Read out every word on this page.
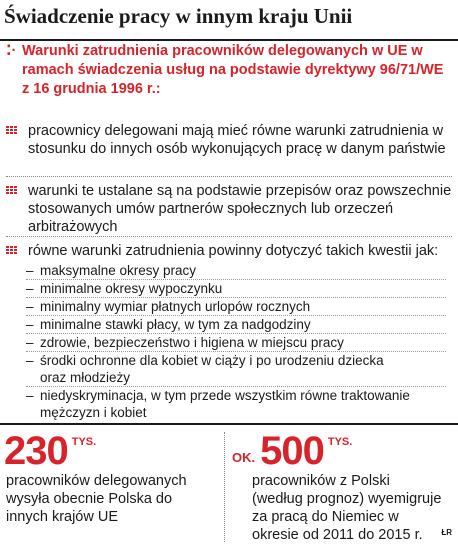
Świadczenie pracy w innym kraju Unii
⁚· Warunki zatrudnienia pracowników delegowanych w UE w ramach świadczenia usług na podstawie dyrektywy 96/71/WE z 16 grudnia 1996 r.:
pracownicy delegowani mają mieć równe warunki zatrudnienia w stosunku do innych osób wykonujących pracę w danym państwie
warunki te ustalane są na podstawie przepisów oraz powszechnie stosowanych umów partnerów społecznych lub orzeczeń arbitrażowych
równe warunki zatrudnienia powinny dotyczyć takich kwestii jak:
– maksymalne okresy pracy
– minimalne okresy wypoczynku
– minimalny wymiar płatnych urlopów rocznych
– minimalne stawki płacy, w tym za nadgodziny
– zdrowie, bezpieczeństwo i higiena w miejscu pracy
– środki ochronne dla kobiet w ciąży i po urodzeniu dziecka oraz młodzieży
– niedyskryminacja, w tym przede wszystkim równe traktowanie mężczyzn i kobiet
230 TYS.
pracowników delegowanych wysyła obecnie Polska do innych krajów UE
OK. 500 TYS.
pracowników z Polski (według prognoz) wyemigruje za pracą do Niemiec w okresie od 2011 do 2015 r.	ŁR
